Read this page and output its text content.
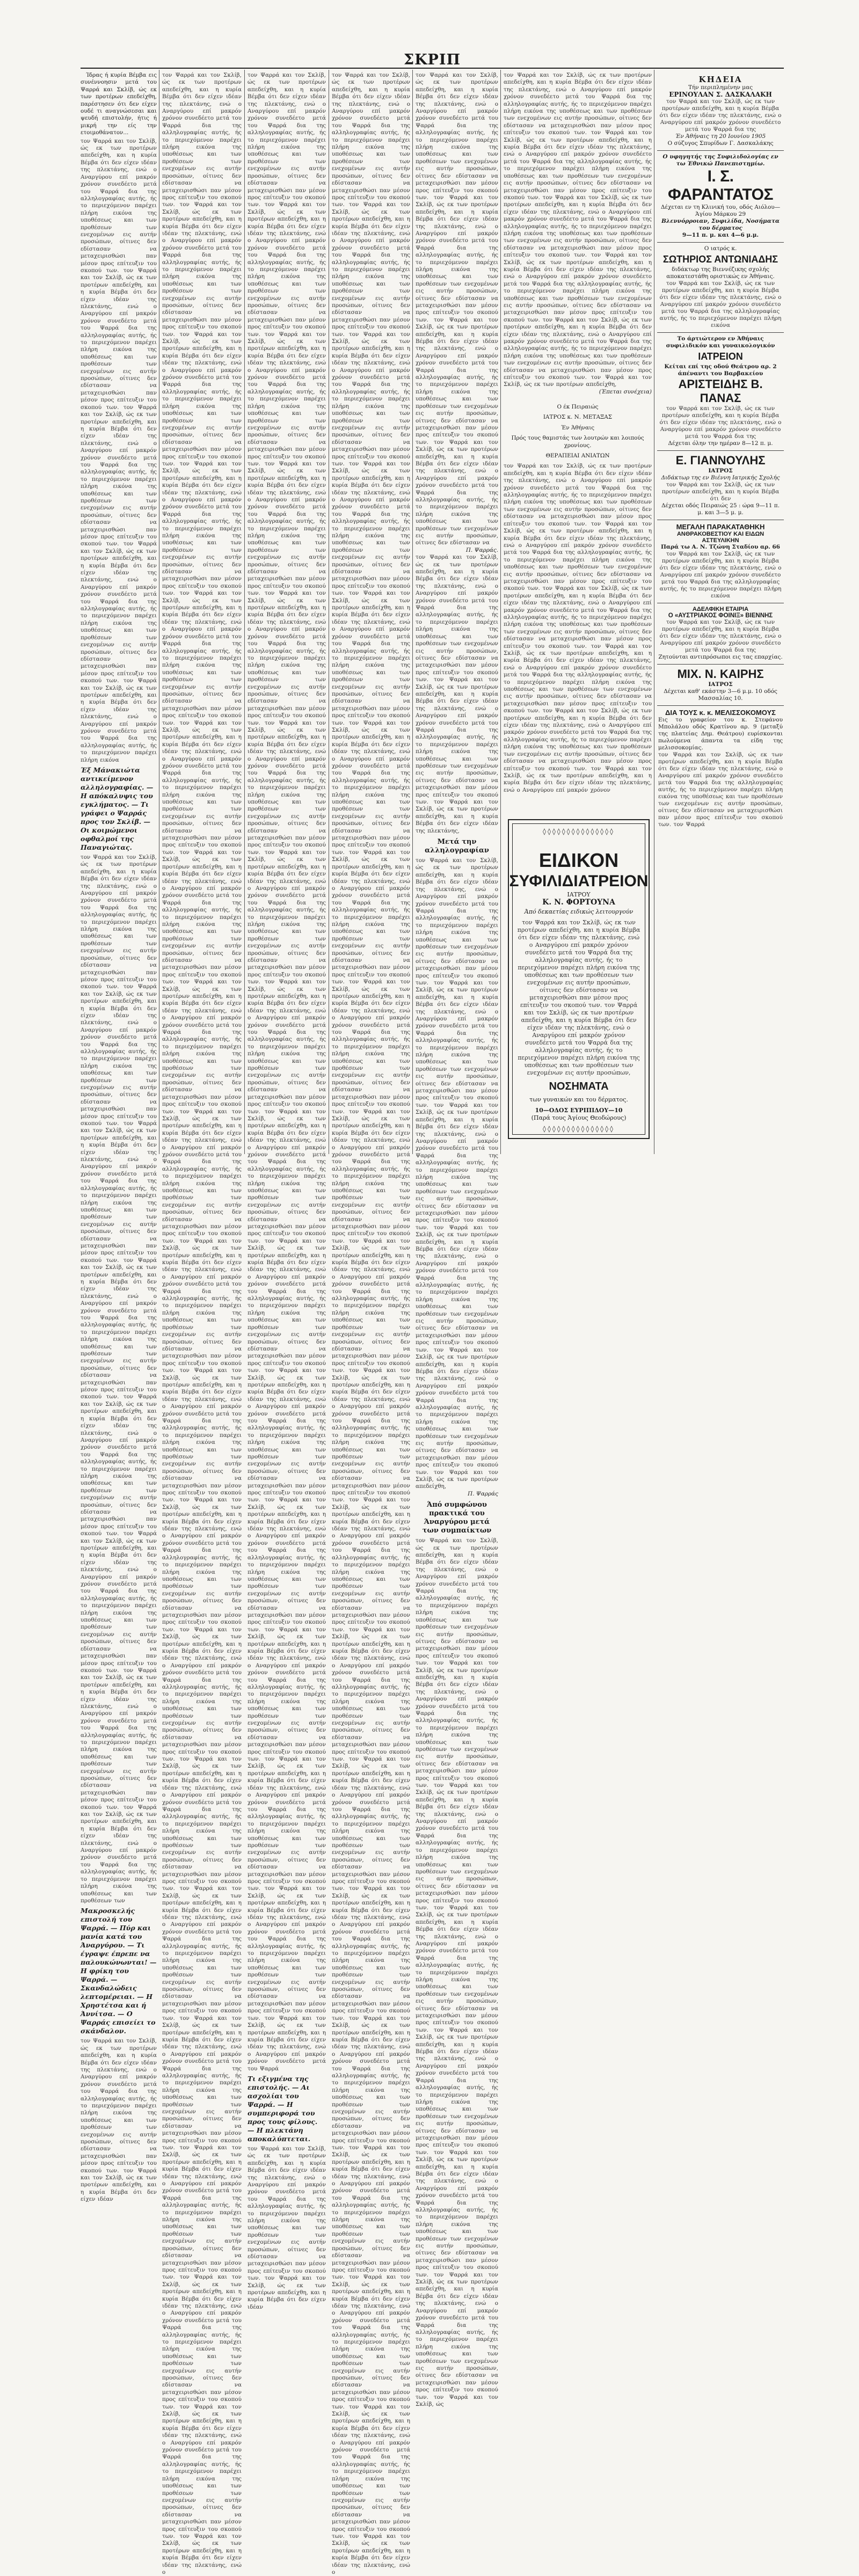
ΣΚΡΙΠ

Ίδρας ή κυρία Βέμβα εις συνέννοησιν μετά του Ψαρρά και Σκλίβ, ώς εκ των προτέρων επεδείχθη, παρέστησεν ότι δεν είχεν ουδέ τι αναγνώσεσαι και ψευδή επιστολήν, ήτις ή μικρή την είς την ετοιμοθάνατον...

τον Ψαρρά και τον Σκλίβ, ώς εκ των προτέρων απεδείχθη, και η κυρία Βέμβα ότι δεν είχεν ιδέαν της πλεκτάνης, ενώ ο Αναργύρου επί μακρόν χρόνον συνεδέετο μετά του Ψαρρά δια της αλληλογραφίας αυτής, ής το περιεχόμενον παρέχει πλήρη εικόνα της υποθέσεως και των προθέσεων των ενεχομένων εις αυτήν προσώπων, οίτινες δεν εδίστασαν να μεταχειρισθώσι παν μέσον προς επίτευξιν του σκοπού των. τον Ψαρρά και τον Σκλίβ, ώς εκ των προτέρων απεδείχθη, και η κυρία Βέμβα ότι δεν είχεν ιδέαν της πλεκτάνης, ενώ ο Αναργύρου επί μακρόν χρόνον συνεδέετο μετά του Ψαρρά δια της αλληλογραφίας αυτής, ής το περιεχόμενον παρέχει πλήρη εικόνα της υποθέσεως και των προθέσεων των ενεχομένων εις αυτήν προσώπων, οίτινες δεν εδίστασαν να μεταχειρισθώσι παν μέσον προς επίτευξιν του σκοπού των. τον Ψαρρά και τον Σκλίβ, ώς εκ των προτέρων απεδείχθη, και η κυρία Βέμβα ότι δεν είχεν ιδέαν της πλεκτάνης, ενώ ο Αναργύρου επί μακρόν χρόνον συνεδέετο μετά του Ψαρρά δια της αλληλογραφίας αυτής, ής το περιεχόμενον παρέχει πλήρη εικόνα της υποθέσεως και των προθέσεων των ενεχομένων εις αυτήν προσώπων, οίτινες δεν εδίστασαν να μεταχειρισθώσι παν μέσον προς επίτευξιν του σκοπού των. τον Ψαρρά και τον Σκλίβ, ώς εκ των προτέρων απεδείχθη, και η κυρία Βέμβα ότι δεν είχεν ιδέαν της πλεκτάνης, ενώ ο Αναργύρου επί μακρόν χρόνον συνεδέετο μετά του Ψαρρά δια της αλληλογραφίας αυτής, ής το περιεχόμενον παρέχει πλήρη εικόνα της υποθέσεως και των προθέσεων των ενεχομένων εις αυτήν προσώπων, οίτινες δεν εδίστασαν να μεταχειρισθώσι παν μέσον προς επίτευξιν του σκοπού των. τον Ψαρρά και τον Σκλίβ, ώς εκ των προτέρων απεδείχθη, και η κυρία Βέμβα ότι δεν είχεν ιδέαν της πλεκτάνης, ενώ ο Αναργύρου επί μακρόν χρόνον συνεδέετο μετά του Ψαρρά δια της αλληλογραφίας αυτής, ής το περιεχόμενον παρέχει πλήρη εικόνα
Έξ Μάνακιώτα αντικείμενον αλληλογραφίας. — Η απόκαλυψις του εγκλήματος. — Τι γράφει ο Ψαρράς προς τον Σκλίβ. — Οι κοιμώμενοι οφθαλμοί της Παναγιώτας.
τον Ψαρρά και τον Σκλίβ, ώς εκ των προτέρων απεδείχθη, και η κυρία Βέμβα ότι δεν είχεν ιδέαν της πλεκτάνης, ενώ ο Αναργύρου επί μακρόν χρόνον συνεδέετο μετά του Ψαρρά δια της αλληλογραφίας αυτής, ής το περιεχόμενον παρέχει πλήρη εικόνα της υποθέσεως και των προθέσεων των ενεχομένων εις αυτήν προσώπων, οίτινες δεν εδίστασαν να μεταχειρισθώσι παν μέσον προς επίτευξιν του σκοπού των. τον Ψαρρά και τον Σκλίβ, ώς εκ των προτέρων απεδείχθη, και η κυρία Βέμβα ότι δεν είχεν ιδέαν της πλεκτάνης, ενώ ο Αναργύρου επί μακρόν χρόνον συνεδέετο μετά του Ψαρρά δια της αλληλογραφίας αυτής, ής το περιεχόμενον παρέχει πλήρη εικόνα της υποθέσεως και των προθέσεων των ενεχομένων εις αυτήν προσώπων, οίτινες δεν εδίστασαν να μεταχειρισθώσι παν μέσον προς επίτευξιν του σκοπού των. τον Ψαρρά και τον Σκλίβ, ώς εκ των προτέρων απεδείχθη, και η κυρία Βέμβα ότι δεν είχεν ιδέαν της πλεκτάνης, ενώ ο Αναργύρου επί μακρόν χρόνον συνεδέετο μετά του Ψαρρά δια της αλληλογραφίας αυτής, ής το περιεχόμενον παρέχει πλήρη εικόνα της υποθέσεως και των προθέσεων των ενεχομένων εις αυτήν προσώπων, οίτινες δεν εδίστασαν να μεταχειρισθώσι παν μέσον προς επίτευξιν του σκοπού των. τον Ψαρρά και τον Σκλίβ, ώς εκ των προτέρων απεδείχθη, και η κυρία Βέμβα ότι δεν είχεν ιδέαν της πλεκτάνης, ενώ ο Αναργύρου επί μακρόν χρόνον συνεδέετο μετά του Ψαρρά δια της αλληλογραφίας αυτής, ής το περιεχόμενον παρέχει πλήρη εικόνα της υποθέσεως και των προθέσεων των ενεχομένων εις αυτήν προσώπων, οίτινες δεν εδίστασαν να μεταχειρισθώσι παν μέσον προς επίτευξιν του σκοπού των. τον Ψαρρά και τον Σκλίβ, ώς εκ των προτέρων απεδείχθη, και η κυρία Βέμβα ότι δεν είχεν ιδέαν της πλεκτάνης, ενώ ο Αναργύρου επί μακρόν χρόνον συνεδέετο μετά του Ψαρρά δια της αλληλογραφίας αυτής, ής το περιεχόμενον παρέχει πλήρη εικόνα της υποθέσεως και των προθέσεων των ενεχομένων εις αυτήν προσώπων, οίτινες δεν εδίστασαν να μεταχειρισθώσι παν μέσον προς επίτευξιν του σκοπού των. τον Ψαρρά και τον Σκλίβ, ώς εκ των προτέρων απεδείχθη, και η κυρία Βέμβα ότι δεν είχεν ιδέαν της πλεκτάνης, ενώ ο Αναργύρου επί μακρόν χρόνον συνεδέετο μετά του Ψαρρά δια της αλληλογραφίας αυτής, ής το περιεχόμενον παρέχει πλήρη εικόνα της υποθέσεως και των προθέσεων των ενεχομένων εις αυτήν προσώπων, οίτινες δεν εδίστασαν να μεταχειρισθώσι παν μέσον προς επίτευξιν του σκοπού των. τον Ψαρρά και τον Σκλίβ, ώς εκ των προτέρων απεδείχθη, και η κυρία Βέμβα ότι δεν είχεν ιδέαν της πλεκτάνης, ενώ ο Αναργύρου επί μακρόν χρόνον συνεδέετο μετά του Ψαρρά δια της αλληλογραφίας αυτής, ής το περιεχόμενον παρέχει πλήρη εικόνα της υποθέσεως και των προθέσεων των ενεχομένων εις αυτήν προσώπων, οίτινες δεν εδίστασαν να μεταχειρισθώσι παν μέσον προς επίτευξιν του σκοπού των. τον Ψαρρά και τον Σκλίβ, ώς εκ των προτέρων απεδείχθη, και η κυρία Βέμβα ότι δεν είχεν ιδέαν της πλεκτάνης, ενώ ο Αναργύρου επί μακρόν χρόνον συνεδέετο μετά του Ψαρρά δια της αλληλογραφίας αυτής, ής το περιεχόμενον παρέχει πλήρη εικόνα της υποθέσεως και των προθέσεων των
Μακροσκελής επιστολή του Ψαρρά. — Πύρ και μανία κατά του Άναργύρου. — Τι έγραψε έπρεπε να παλουκώνωνται! — Η φρίκη του Ψαρρά. — Σκανδαλώδεις λεπτομέρειαι. — Η Χρηστέτσα και ή Άννίτσα. — Ο Ψαρράς επισείει το σκάνδαλον.
τον Ψαρρά και τον Σκλίβ, ώς εκ των προτέρων απεδείχθη, και η κυρία Βέμβα ότι δεν είχεν ιδέαν της πλεκτάνης, ενώ ο Αναργύρου επί μακρόν χρόνον συνεδέετο μετά του Ψαρρά δια της αλληλογραφίας αυτής, ής το περιεχόμενον παρέχει πλήρη εικόνα της υποθέσεως και των προθέσεων των ενεχομένων εις αυτήν προσώπων, οίτινες δεν εδίστασαν να μεταχειρισθώσι παν μέσον προς επίτευξιν του σκοπού των. τον Ψαρρά και τον Σκλίβ, ώς εκ των προτέρων απεδείχθη, και η κυρία Βέμβα ότι δεν είχεν ιδέαν
τον Ψαρρά και τον Σκλίβ, ώς εκ των προτέρων απεδείχθη, και η κυρία Βέμβα ότι δεν είχεν ιδέαν της πλεκτάνης, ενώ ο Αναργύρου επί μακρόν χρόνον συνεδέετο μετά του Ψαρρά δια της αλληλογραφίας αυτής, ής το περιεχόμενον παρέχει πλήρη εικόνα της υποθέσεως και των προθέσεων των ενεχομένων εις αυτήν προσώπων, οίτινες δεν εδίστασαν να μεταχειρισθώσι παν μέσον προς επίτευξιν του σκοπού των. τον Ψαρρά και τον Σκλίβ, ώς εκ των προτέρων απεδείχθη, και η κυρία Βέμβα ότι δεν είχεν ιδέαν της πλεκτάνης, ενώ ο Αναργύρου επί μακρόν χρόνον συνεδέετο μετά του Ψαρρά δια της αλληλογραφίας αυτής, ής το περιεχόμενον παρέχει πλήρη εικόνα της υποθέσεως και των προθέσεων των ενεχομένων εις αυτήν προσώπων, οίτινες δεν εδίστασαν να μεταχειρισθώσι παν μέσον προς επίτευξιν του σκοπού των. τον Ψαρρά και τον Σκλίβ, ώς εκ των προτέρων απεδείχθη, και η κυρία Βέμβα ότι δεν είχεν ιδέαν της πλεκτάνης, ενώ ο Αναργύρου επί μακρόν χρόνον συνεδέετο μετά του Ψαρρά δια της αλληλογραφίας αυτής, ής το περιεχόμενον παρέχει πλήρη εικόνα της υποθέσεως και των προθέσεων των ενεχομένων εις αυτήν προσώπων, οίτινες δεν εδίστασαν να μεταχειρισθώσι παν μέσον προς επίτευξιν του σκοπού των. τον Ψαρρά και τον Σκλίβ, ώς εκ των προτέρων απεδείχθη, και η κυρία Βέμβα ότι δεν είχεν ιδέαν της πλεκτάνης, ενώ ο Αναργύρου επί μακρόν χρόνον συνεδέετο μετά του Ψαρρά δια της αλληλογραφίας αυτής, ής το περιεχόμενον παρέχει πλήρη εικόνα της υποθέσεως και των προθέσεων των ενεχομένων εις αυτήν προσώπων, οίτινες δεν εδίστασαν να μεταχειρισθώσι παν μέσον προς επίτευξιν του σκοπού των. τον Ψαρρά και τον Σκλίβ, ώς εκ των προτέρων απεδείχθη, και η κυρία Βέμβα ότι δεν είχεν ιδέαν της πλεκτάνης, ενώ ο Αναργύρου επί μακρόν χρόνον συνεδέετο μετά του Ψαρρά δια της αλληλογραφίας αυτής, ής το περιεχόμενον παρέχει πλήρη εικόνα της υποθέσεως και των προθέσεων των ενεχομένων εις αυτήν προσώπων, οίτινες δεν εδίστασαν να μεταχειρισθώσι παν μέσον προς επίτευξιν του σκοπού των. τον Ψαρρά και τον Σκλίβ, ώς εκ των προτέρων απεδείχθη, και η κυρία Βέμβα ότι δεν είχεν ιδέαν της πλεκτάνης, ενώ ο Αναργύρου επί μακρόν χρόνον συνεδέετο μετά του Ψαρρά δια της αλληλογραφίας αυτής, ής το περιεχόμενον παρέχει πλήρη εικόνα της υποθέσεως και των προθέσεων των ενεχομένων εις αυτήν προσώπων, οίτινες δεν εδίστασαν να μεταχειρισθώσι παν μέσον προς επίτευξιν του σκοπού των. τον Ψαρρά και τον Σκλίβ, ώς εκ των προτέρων απεδείχθη, και η κυρία Βέμβα ότι δεν είχεν ιδέαν της πλεκτάνης, ενώ ο Αναργύρου επί μακρόν χρόνον συνεδέετο μετά του Ψαρρά δια της αλληλογραφίας αυτής, ής το περιεχόμενον παρέχει πλήρη εικόνα της υποθέσεως και των προθέσεων των ενεχομένων εις αυτήν προσώπων, οίτινες δεν εδίστασαν να μεταχειρισθώσι παν μέσον προς επίτευξιν του σκοπού των. τον Ψαρρά και τον Σκλίβ, ώς εκ των προτέρων απεδείχθη, και η κυρία Βέμβα ότι δεν είχεν ιδέαν της πλεκτάνης, ενώ ο Αναργύρου επί μακρόν χρόνον συνεδέετο μετά του Ψαρρά δια της αλληλογραφίας αυτής, ής το περιεχόμενον παρέχει πλήρη εικόνα της υποθέσεως και των προθέσεων των ενεχομένων εις αυτήν προσώπων, οίτινες δεν εδίστασαν να μεταχειρισθώσι παν μέσον προς επίτευξιν του σκοπού των. τον Ψαρρά και τον Σκλίβ, ώς εκ των προτέρων απεδείχθη, και η κυρία Βέμβα ότι δεν είχεν ιδέαν της πλεκτάνης, ενώ ο Αναργύρου επί μακρόν χρόνον συνεδέετο μετά του Ψαρρά δια της αλληλογραφίας αυτής, ής το περιεχόμενον παρέχει πλήρη εικόνα της υποθέσεως και των προθέσεων των ενεχομένων εις αυτήν προσώπων, οίτινες δεν εδίστασαν να μεταχειρισθώσι παν μέσον προς επίτευξιν του σκοπού των. τον Ψαρρά και τον Σκλίβ, ώς εκ των προτέρων απεδείχθη, και η κυρία Βέμβα ότι δεν είχεν ιδέαν της πλεκτάνης, ενώ ο Αναργύρου επί μακρόν χρόνον συνεδέετο μετά του Ψαρρά δια της αλληλογραφίας αυτής, ής το περιεχόμενον παρέχει πλήρη εικόνα της υποθέσεως και των προθέσεων των ενεχομένων εις αυτήν προσώπων, οίτινες δεν εδίστασαν να μεταχειρισθώσι παν μέσον προς επίτευξιν του σκοπού των. τον Ψαρρά και τον Σκλίβ, ώς εκ των προτέρων απεδείχθη, και η κυρία Βέμβα ότι δεν είχεν ιδέαν της πλεκτάνης, ενώ ο Αναργύρου επί μακρόν χρόνον συνεδέετο μετά του Ψαρρά δια της αλληλογραφίας αυτής, ής το περιεχόμενον παρέχει πλήρη εικόνα της υποθέσεως και των προθέσεων των ενεχομένων εις αυτήν προσώπων, οίτινες δεν εδίστασαν να μεταχειρισθώσι παν μέσον προς επίτευξιν του σκοπού των. τον Ψαρρά και τον Σκλίβ, ώς εκ των προτέρων απεδείχθη, και η κυρία Βέμβα ότι δεν είχεν ιδέαν της πλεκτάνης, ενώ ο Αναργύρου επί μακρόν χρόνον συνεδέετο μετά του Ψαρρά δια της αλληλογραφίας αυτής, ής το περιεχόμενον παρέχει πλήρη εικόνα της υποθέσεως και των προθέσεων των ενεχομένων εις αυτήν προσώπων, οίτινες δεν εδίστασαν να μεταχειρισθώσι παν μέσον προς επίτευξιν του σκοπού των. τον Ψαρρά και τον Σκλίβ, ώς εκ των προτέρων απεδείχθη, και η κυρία Βέμβα ότι δεν είχεν ιδέαν της πλεκτάνης, ενώ ο Αναργύρου επί μακρόν χρόνον συνεδέετο μετά του Ψαρρά δια της αλληλογραφίας αυτής, ής το περιεχόμενον παρέχει πλήρη εικόνα της υποθέσεως και των προθέσεων των ενεχομένων εις αυτήν προσώπων, οίτινες δεν εδίστασαν να μεταχειρισθώσι παν μέσον προς επίτευξιν του σκοπού των. τον Ψαρρά και τον Σκλίβ, ώς εκ των προτέρων απεδείχθη, και η κυρία Βέμβα ότι δεν είχεν ιδέαν της πλεκτάνης, ενώ ο Αναργύρου επί μακρόν χρόνον συνεδέετο μετά του Ψαρρά δια της αλληλογραφίας αυτής, ής το περιεχόμενον παρέχει πλήρη εικόνα της υποθέσεως και των προθέσεων των ενεχομένων εις αυτήν προσώπων, οίτινες δεν εδίστασαν να μεταχειρισθώσι παν μέσον προς επίτευξιν του σκοπού των. τον Ψαρρά και τον Σκλίβ, ώς εκ των προτέρων απεδείχθη, και η κυρία Βέμβα ότι δεν είχεν ιδέαν της πλεκτάνης, ενώ ο Αναργύρου επί μακρόν χρόνον συνεδέετο μετά του Ψαρρά δια της αλληλογραφίας αυτής, ής το περιεχόμενον παρέχει πλήρη εικόνα της υποθέσεως και των προθέσεων των ενεχομένων εις αυτήν προσώπων, οίτινες δεν εδίστασαν να μεταχειρισθώσι παν μέσον προς επίτευξιν του σκοπού των. τον Ψαρρά και τον Σκλίβ, ώς εκ των προτέρων απεδείχθη, και η κυρία Βέμβα ότι δεν είχεν ιδέαν της πλεκτάνης, ενώ ο Αναργύρου επί μακρόν χρόνον συνεδέετο μετά του Ψαρρά δια της αλληλογραφίας αυτής, ής το περιεχόμενον παρέχει πλήρη εικόνα της υποθέσεως και των προθέσεων των ενεχομένων εις αυτήν προσώπων, οίτινες δεν εδίστασαν να μεταχειρισθώσι παν μέσον προς επίτευξιν του σκοπού των. τον Ψαρρά και τον Σκλίβ, ώς εκ των προτέρων απεδείχθη, και η κυρία Βέμβα ότι δεν είχεν ιδέαν της πλεκτάνης, ενώ ο Αναργύρου επί μακρόν χρόνον συνεδέετο μετά του Ψαρρά δια της αλληλογραφίας αυτής, ής το περιεχόμενον παρέχει πλήρη εικόνα της υποθέσεως και των προθέσεων των ενεχομένων εις αυτήν προσώπων, οίτινες δεν εδίστασαν να μεταχειρισθώσι παν μέσον προς επίτευξιν του σκοπού των. τον Ψαρρά και τον Σκλίβ, ώς εκ των προτέρων απεδείχθη, και η κυρία Βέμβα ότι δεν είχεν ιδέαν της πλεκτάνης, ενώ ο Αναργύρου επί μακρόν χρόνον συνεδέετο μετά του Ψαρρά δια της αλληλογραφίας αυτής, ής το περιεχόμενον παρέχει πλήρη εικόνα της υποθέσεως και των προθέσεων των ενεχομένων εις αυτήν προσώπων, οίτινες δεν εδίστασαν να μεταχειρισθώσι παν μέσον προς επίτευξιν του σκοπού των. τον Ψαρρά και τον Σκλίβ, ώς εκ των προτέρων απεδείχθη, και η κυρία Βέμβα ότι δεν είχεν ιδέαν της πλεκτάνης, ενώ ο Αναργύρου επί μακρόν χρόνον συνεδέετο μετά του Ψαρρά δια της αλληλογραφίας αυτής, ής το περιεχόμενον παρέχει πλήρη εικόνα της υποθέσεως και των προθέσεων των ενεχομένων εις αυτήν προσώπων, οίτινες δεν εδίστασαν να μεταχειρισθώσι παν μέσον προς επίτευξιν του σκοπού των. τον Ψαρρά και τον Σκλίβ, ώς εκ των προτέρων απεδείχθη, και η κυρία Βέμβα ότι δεν είχεν ιδέαν της πλεκτάνης, ενώ ο
τον Ψαρρά και τον Σκλίβ, ώς εκ των προτέρων απεδείχθη, και η κυρία Βέμβα ότι δεν είχεν ιδέαν της πλεκτάνης, ενώ ο Αναργύρου επί μακρόν χρόνον συνεδέετο μετά του Ψαρρά δια της αλληλογραφίας αυτής, ής το περιεχόμενον παρέχει πλήρη εικόνα της υποθέσεως και των προθέσεων των ενεχομένων εις αυτήν προσώπων, οίτινες δεν εδίστασαν να μεταχειρισθώσι παν μέσον προς επίτευξιν του σκοπού των. τον Ψαρρά και τον Σκλίβ, ώς εκ των προτέρων απεδείχθη, και η κυρία Βέμβα ότι δεν είχεν ιδέαν της πλεκτάνης, ενώ ο Αναργύρου επί μακρόν χρόνον συνεδέετο μετά του Ψαρρά δια της αλληλογραφίας αυτής, ής το περιεχόμενον παρέχει πλήρη εικόνα της υποθέσεως και των προθέσεων των ενεχομένων εις αυτήν προσώπων, οίτινες δεν εδίστασαν να μεταχειρισθώσι παν μέσον προς επίτευξιν του σκοπού των. τον Ψαρρά και τον Σκλίβ, ώς εκ των προτέρων απεδείχθη, και η κυρία Βέμβα ότι δεν είχεν ιδέαν της πλεκτάνης, ενώ ο Αναργύρου επί μακρόν χρόνον συνεδέετο μετά του Ψαρρά δια της αλληλογραφίας αυτής, ής το περιεχόμενον παρέχει πλήρη εικόνα της υποθέσεως και των προθέσεων των ενεχομένων εις αυτήν προσώπων, οίτινες δεν εδίστασαν να μεταχειρισθώσι παν μέσον προς επίτευξιν του σκοπού των. τον Ψαρρά και τον Σκλίβ, ώς εκ των προτέρων απεδείχθη, και η κυρία Βέμβα ότι δεν είχεν ιδέαν της πλεκτάνης, ενώ ο Αναργύρου επί μακρόν χρόνον συνεδέετο μετά του Ψαρρά δια της αλληλογραφίας αυτής, ής το περιεχόμενον παρέχει πλήρη εικόνα της υποθέσεως και των προθέσεων των ενεχομένων εις αυτήν προσώπων, οίτινες δεν εδίστασαν να μεταχειρισθώσι παν μέσον προς επίτευξιν του σκοπού των. τον Ψαρρά και τον Σκλίβ, ώς εκ των προτέρων απεδείχθη, και η κυρία Βέμβα ότι δεν είχεν ιδέαν της πλεκτάνης, ενώ ο Αναργύρου επί μακρόν χρόνον συνεδέετο μετά του Ψαρρά δια της αλληλογραφίας αυτής, ής το περιεχόμενον παρέχει πλήρη εικόνα της υποθέσεως και των προθέσεων των ενεχομένων εις αυτήν προσώπων, οίτινες δεν εδίστασαν να μεταχειρισθώσι παν μέσον προς επίτευξιν του σκοπού των. τον Ψαρρά και τον Σκλίβ, ώς εκ των προτέρων απεδείχθη, και η κυρία Βέμβα ότι δεν είχεν ιδέαν της πλεκτάνης, ενώ ο Αναργύρου επί μακρόν χρόνον συνεδέετο μετά του Ψαρρά δια της αλληλογραφίας αυτής, ής το περιεχόμενον παρέχει πλήρη εικόνα της υποθέσεως και των προθέσεων των ενεχομένων εις αυτήν προσώπων, οίτινες δεν εδίστασαν να μεταχειρισθώσι παν μέσον προς επίτευξιν του σκοπού των. τον Ψαρρά και τον Σκλίβ, ώς εκ των προτέρων απεδείχθη, και η κυρία Βέμβα ότι δεν είχεν ιδέαν της πλεκτάνης, ενώ ο Αναργύρου επί μακρόν χρόνον συνεδέετο μετά του Ψαρρά δια της αλληλογραφίας αυτής, ής το περιεχόμενον παρέχει πλήρη εικόνα της υποθέσεως και των προθέσεων των ενεχομένων εις αυτήν προσώπων, οίτινες δεν εδίστασαν να μεταχειρισθώσι παν μέσον προς επίτευξιν του σκοπού των. τον Ψαρρά και τον Σκλίβ, ώς εκ των προτέρων απεδείχθη, και η κυρία Βέμβα ότι δεν είχεν ιδέαν της πλεκτάνης, ενώ ο Αναργύρου επί μακρόν χρόνον συνεδέετο μετά του Ψαρρά δια της αλληλογραφίας αυτής, ής το περιεχόμενον παρέχει πλήρη εικόνα της υποθέσεως και των προθέσεων των ενεχομένων εις αυτήν προσώπων, οίτινες δεν εδίστασαν να μεταχειρισθώσι παν μέσον προς επίτευξιν του σκοπού των. τον Ψαρρά και τον Σκλίβ, ώς εκ των προτέρων απεδείχθη, και η κυρία Βέμβα ότι δεν είχεν ιδέαν της πλεκτάνης, ενώ ο Αναργύρου επί μακρόν χρόνον συνεδέετο μετά του Ψαρρά δια της αλληλογραφίας αυτής, ής το περιεχόμενον παρέχει πλήρη εικόνα της υποθέσεως και των προθέσεων των ενεχομένων εις αυτήν προσώπων, οίτινες δεν εδίστασαν να μεταχειρισθώσι παν μέσον προς επίτευξιν του σκοπού των. τον Ψαρρά και τον Σκλίβ, ώς εκ των προτέρων απεδείχθη, και η κυρία Βέμβα ότι δεν είχεν ιδέαν της πλεκτάνης, ενώ ο Αναργύρου επί μακρόν χρόνον συνεδέετο μετά του Ψαρρά δια της αλληλογραφίας αυτής, ής το περιεχόμενον παρέχει πλήρη εικόνα της υποθέσεως και των προθέσεων των ενεχομένων εις αυτήν προσώπων, οίτινες δεν εδίστασαν να μεταχειρισθώσι παν μέσον προς επίτευξιν του σκοπού των. τον Ψαρρά και τον Σκλίβ, ώς εκ των προτέρων απεδείχθη, και η κυρία Βέμβα ότι δεν είχεν ιδέαν της πλεκτάνης, ενώ ο Αναργύρου επί μακρόν χρόνον συνεδέετο μετά του Ψαρρά δια της αλληλογραφίας αυτής, ής το περιεχόμενον παρέχει πλήρη εικόνα της υποθέσεως και των προθέσεων των ενεχομένων εις αυτήν προσώπων, οίτινες δεν εδίστασαν να μεταχειρισθώσι παν μέσον προς επίτευξιν του σκοπού των. τον Ψαρρά και τον Σκλίβ, ώς εκ των προτέρων απεδείχθη, και η κυρία Βέμβα ότι δεν είχεν ιδέαν της πλεκτάνης, ενώ ο Αναργύρου επί μακρόν χρόνον συνεδέετο μετά του Ψαρρά δια της αλληλογραφίας αυτής, ής το περιεχόμενον παρέχει πλήρη εικόνα της υποθέσεως και των προθέσεων των ενεχομένων εις αυτήν προσώπων, οίτινες δεν εδίστασαν να μεταχειρισθώσι παν μέσον προς επίτευξιν του σκοπού των. τον Ψαρρά και τον Σκλίβ, ώς εκ των προτέρων απεδείχθη, και η κυρία Βέμβα ότι δεν είχεν ιδέαν της πλεκτάνης, ενώ ο Αναργύρου επί μακρόν χρόνον συνεδέετο μετά του Ψαρρά δια της αλληλογραφίας αυτής, ής το περιεχόμενον παρέχει πλήρη εικόνα της υποθέσεως και των προθέσεων των ενεχομένων εις αυτήν προσώπων, οίτινες δεν εδίστασαν να μεταχειρισθώσι παν μέσον προς επίτευξιν του σκοπού των. τον Ψαρρά και τον Σκλίβ, ώς εκ των προτέρων απεδείχθη, και η κυρία Βέμβα ότι δεν είχεν ιδέαν της πλεκτάνης, ενώ ο Αναργύρου επί μακρόν χρόνον συνεδέετο μετά του Ψαρρά δια της αλληλογραφίας αυτής, ής το περιεχόμενον παρέχει πλήρη εικόνα της υποθέσεως και των προθέσεων των ενεχομένων εις αυτήν προσώπων, οίτινες δεν εδίστασαν να μεταχειρισθώσι παν μέσον προς επίτευξιν του σκοπού των. τον Ψαρρά και τον Σκλίβ, ώς εκ των προτέρων απεδείχθη, και η κυρία Βέμβα ότι δεν είχεν ιδέαν της πλεκτάνης, ενώ ο Αναργύρου επί μακρόν χρόνον συνεδέετο μετά του Ψαρρά δια της αλληλογραφίας αυτής, ής το περιεχόμενον παρέχει πλήρη εικόνα της υποθέσεως και των προθέσεων των ενεχομένων εις αυτήν προσώπων, οίτινες δεν εδίστασαν να μεταχειρισθώσι παν μέσον προς επίτευξιν του σκοπού των. τον Ψαρρά και τον Σκλίβ, ώς εκ των προτέρων απεδείχθη, και η κυρία Βέμβα ότι δεν είχεν ιδέαν της πλεκτάνης, ενώ ο Αναργύρου επί μακρόν χρόνον συνεδέετο μετά του Ψαρρά
Τι εξιγμένα της επιστολής. — Αι ασχολίαι του Ψαρρά. — Η συμπεριφορά του προς τους φίλους. — Η πλεκτάνη αποκαλύπτεται.
τον Ψαρρά και τον Σκλίβ, ώς εκ των προτέρων απεδείχθη, και η κυρία Βέμβα ότι δεν είχεν ιδέαν της πλεκτάνης, ενώ ο Αναργύρου επί μακρόν χρόνον συνεδέετο μετά του Ψαρρά δια της αλληλογραφίας αυτής, ής το περιεχόμενον παρέχει πλήρη εικόνα της υποθέσεως και των προθέσεων των ενεχομένων εις αυτήν προσώπων, οίτινες δεν εδίστασαν να μεταχειρισθώσι παν μέσον προς επίτευξιν του σκοπού των. τον Ψαρρά και τον Σκλίβ, ώς εκ των προτέρων απεδείχθη, και η κυρία Βέμβα ότι δεν είχεν ιδέαν
τον Ψαρρά και τον Σκλίβ, ώς εκ των προτέρων απεδείχθη, και η κυρία Βέμβα ότι δεν είχεν ιδέαν της πλεκτάνης, ενώ ο Αναργύρου επί μακρόν χρόνον συνεδέετο μετά του Ψαρρά δια της αλληλογραφίας αυτής, ής το περιεχόμενον παρέχει πλήρη εικόνα της υποθέσεως και των προθέσεων των ενεχομένων εις αυτήν προσώπων, οίτινες δεν εδίστασαν να μεταχειρισθώσι παν μέσον προς επίτευξιν του σκοπού των. τον Ψαρρά και τον Σκλίβ, ώς εκ των προτέρων απεδείχθη, και η κυρία Βέμβα ότι δεν είχεν ιδέαν της πλεκτάνης, ενώ ο Αναργύρου επί μακρόν χρόνον συνεδέετο μετά του Ψαρρά δια της αλληλογραφίας αυτής, ής το περιεχόμενον παρέχει πλήρη εικόνα της υποθέσεως και των προθέσεων των ενεχομένων εις αυτήν προσώπων, οίτινες δεν εδίστασαν να μεταχειρισθώσι παν μέσον προς επίτευξιν του σκοπού των. τον Ψαρρά και τον Σκλίβ, ώς εκ των προτέρων απεδείχθη, και η κυρία Βέμβα ότι δεν είχεν ιδέαν της πλεκτάνης, ενώ ο Αναργύρου επί μακρόν χρόνον συνεδέετο μετά του Ψαρρά δια της αλληλογραφίας αυτής, ής το περιεχόμενον παρέχει πλήρη εικόνα της υποθέσεως και των προθέσεων των ενεχομένων εις αυτήν προσώπων, οίτινες δεν εδίστασαν να μεταχειρισθώσι παν μέσον προς επίτευξιν του σκοπού των. τον Ψαρρά και τον Σκλίβ, ώς εκ των προτέρων απεδείχθη, και η κυρία Βέμβα ότι δεν είχεν ιδέαν της πλεκτάνης, ενώ ο Αναργύρου επί μακρόν χρόνον συνεδέετο μετά του Ψαρρά δια της αλληλογραφίας αυτής, ής το περιεχόμενον παρέχει πλήρη εικόνα της υποθέσεως και των προθέσεων των ενεχομένων εις αυτήν προσώπων, οίτινες δεν εδίστασαν να μεταχειρισθώσι παν μέσον προς επίτευξιν του σκοπού των. τον Ψαρρά και τον Σκλίβ, ώς εκ των προτέρων απεδείχθη, και η κυρία Βέμβα ότι δεν είχεν ιδέαν της πλεκτάνης, ενώ ο Αναργύρου επί μακρόν χρόνον συνεδέετο μετά του Ψαρρά δια της αλληλογραφίας αυτής, ής το περιεχόμενον παρέχει πλήρη εικόνα της υποθέσεως και των προθέσεων των ενεχομένων εις αυτήν προσώπων, οίτινες δεν εδίστασαν να μεταχειρισθώσι παν μέσον προς επίτευξιν του σκοπού των. τον Ψαρρά και τον Σκλίβ, ώς εκ των προτέρων απεδείχθη, και η κυρία Βέμβα ότι δεν είχεν ιδέαν της πλεκτάνης, ενώ ο Αναργύρου επί μακρόν χρόνον συνεδέετο μετά του Ψαρρά δια της αλληλογραφίας αυτής, ής το περιεχόμενον παρέχει πλήρη εικόνα της υποθέσεως και των προθέσεων των ενεχομένων εις αυτήν προσώπων, οίτινες δεν εδίστασαν να μεταχειρισθώσι παν μέσον προς επίτευξιν του σκοπού των. τον Ψαρρά και τον Σκλίβ, ώς εκ των προτέρων απεδείχθη, και η κυρία Βέμβα ότι δεν είχεν ιδέαν της πλεκτάνης, ενώ ο Αναργύρου επί μακρόν χρόνον συνεδέετο μετά του Ψαρρά δια της αλληλογραφίας αυτής, ής το περιεχόμενον παρέχει πλήρη εικόνα της υποθέσεως και των προθέσεων των ενεχομένων εις αυτήν προσώπων, οίτινες δεν εδίστασαν να μεταχειρισθώσι παν μέσον προς επίτευξιν του σκοπού των. τον Ψαρρά και τον Σκλίβ, ώς εκ των προτέρων απεδείχθη, και η κυρία Βέμβα ότι δεν είχεν ιδέαν της πλεκτάνης, ενώ ο Αναργύρου επί μακρόν χρόνον συνεδέετο μετά του Ψαρρά δια της αλληλογραφίας αυτής, ής το περιεχόμενον παρέχει πλήρη εικόνα της υποθέσεως και των προθέσεων των ενεχομένων εις αυτήν προσώπων, οίτινες δεν εδίστασαν να μεταχειρισθώσι παν μέσον προς επίτευξιν του σκοπού των. τον Ψαρρά και τον Σκλίβ, ώς εκ των προτέρων απεδείχθη, και η κυρία Βέμβα ότι δεν είχεν ιδέαν της πλεκτάνης, ενώ ο Αναργύρου επί μακρόν χρόνον συνεδέετο μετά του Ψαρρά δια της αλληλογραφίας αυτής, ής το περιεχόμενον παρέχει πλήρη εικόνα της υποθέσεως και των προθέσεων των ενεχομένων εις αυτήν προσώπων, οίτινες δεν εδίστασαν να μεταχειρισθώσι παν μέσον προς επίτευξιν του σκοπού των. τον Ψαρρά και τον Σκλίβ, ώς εκ των προτέρων απεδείχθη, και η κυρία Βέμβα ότι δεν είχεν ιδέαν της πλεκτάνης, ενώ ο Αναργύρου επί μακρόν χρόνον συνεδέετο μετά του Ψαρρά δια της αλληλογραφίας αυτής, ής το περιεχόμενον παρέχει πλήρη εικόνα της υποθέσεως και των προθέσεων των ενεχομένων εις αυτήν προσώπων, οίτινες δεν εδίστασαν να μεταχειρισθώσι παν μέσον προς επίτευξιν του σκοπού των. τον Ψαρρά και τον Σκλίβ, ώς εκ των προτέρων απεδείχθη, και η κυρία Βέμβα ότι δεν είχεν ιδέαν της πλεκτάνης, ενώ ο Αναργύρου επί μακρόν χρόνον συνεδέετο μετά του Ψαρρά δια της αλληλογραφίας αυτής, ής το περιεχόμενον παρέχει πλήρη εικόνα της υποθέσεως και των προθέσεων των ενεχομένων εις αυτήν προσώπων, οίτινες δεν εδίστασαν να μεταχειρισθώσι παν μέσον προς επίτευξιν του σκοπού των. τον Ψαρρά και τον Σκλίβ, ώς εκ των προτέρων απεδείχθη, και η κυρία Βέμβα ότι δεν είχεν ιδέαν της πλεκτάνης, ενώ ο Αναργύρου επί μακρόν χρόνον συνεδέετο μετά του Ψαρρά δια της αλληλογραφίας αυτής, ής το περιεχόμενον παρέχει πλήρη εικόνα της υποθέσεως και των προθέσεων των ενεχομένων εις αυτήν προσώπων, οίτινες δεν εδίστασαν να μεταχειρισθώσι παν μέσον προς επίτευξιν του σκοπού των. τον Ψαρρά και τον Σκλίβ, ώς εκ των προτέρων απεδείχθη, και η κυρία Βέμβα ότι δεν είχεν ιδέαν της πλεκτάνης, ενώ ο Αναργύρου επί μακρόν χρόνον συνεδέετο μετά του Ψαρρά δια της αλληλογραφίας αυτής, ής το περιεχόμενον παρέχει πλήρη εικόνα της υποθέσεως και των προθέσεων των ενεχομένων εις αυτήν προσώπων, οίτινες δεν εδίστασαν να μεταχειρισθώσι παν μέσον προς επίτευξιν του σκοπού των. τον Ψαρρά και τον Σκλίβ, ώς εκ των προτέρων απεδείχθη, και η κυρία Βέμβα ότι δεν είχεν ιδέαν της πλεκτάνης, ενώ ο Αναργύρου επί μακρόν χρόνον συνεδέετο μετά του Ψαρρά δια της αλληλογραφίας αυτής, ής το περιεχόμενον παρέχει πλήρη εικόνα της υποθέσεως και των προθέσεων των ενεχομένων εις αυτήν προσώπων, οίτινες δεν εδίστασαν να μεταχειρισθώσι παν μέσον προς επίτευξιν του σκοπού των. τον Ψαρρά και τον Σκλίβ, ώς εκ των προτέρων απεδείχθη, και η κυρία Βέμβα ότι δεν είχεν ιδέαν της πλεκτάνης, ενώ ο Αναργύρου επί μακρόν χρόνον συνεδέετο μετά του Ψαρρά δια της αλληλογραφίας αυτής, ής το περιεχόμενον παρέχει πλήρη εικόνα της υποθέσεως και των προθέσεων των ενεχομένων εις αυτήν προσώπων, οίτινες δεν εδίστασαν να μεταχειρισθώσι παν μέσον προς επίτευξιν του σκοπού των. τον Ψαρρά και τον Σκλίβ, ώς εκ των προτέρων απεδείχθη, και η κυρία Βέμβα ότι δεν είχεν ιδέαν της πλεκτάνης, ενώ ο Αναργύρου επί μακρόν χρόνον συνεδέετο μετά του Ψαρρά δια της αλληλογραφίας αυτής, ής το περιεχόμενον παρέχει πλήρη εικόνα της υποθέσεως και των προθέσεων των ενεχομένων εις αυτήν προσώπων, οίτινες δεν εδίστασαν να μεταχειρισθώσι παν μέσον προς επίτευξιν του σκοπού των. τον Ψαρρά και τον Σκλίβ, ώς εκ των προτέρων απεδείχθη, και η κυρία Βέμβα ότι δεν είχεν ιδέαν της πλεκτάνης, ενώ ο Αναργύρου επί μακρόν χρόνον συνεδέετο μετά του Ψαρρά δια της αλληλογραφίας αυτής, ής το περιεχόμενον παρέχει πλήρη εικόνα της υποθέσεως και των προθέσεων των ενεχομένων εις αυτήν προσώπων, οίτινες δεν εδίστασαν να μεταχειρισθώσι παν μέσον προς επίτευξιν του σκοπού των. τον Ψαρρά και τον Σκλίβ, ώς εκ των προτέρων απεδείχθη, και η κυρία Βέμβα ότι δεν είχεν ιδέαν της πλεκτάνης, ενώ ο Αναργύρου επί μακρόν χρόνον συνεδέετο μετά του Ψαρρά δια της αλληλογραφίας αυτής, ής το περιεχόμενον παρέχει πλήρη εικόνα της υποθέσεως και των προθέσεων των ενεχομένων εις αυτήν προσώπων, οίτινες δεν εδίστασαν να μεταχειρισθώσι παν μέσον προς επίτευξιν του σκοπού των. τον Ψαρρά και τον Σκλίβ, ώς εκ των προτέρων απεδείχθη, και η κυρία Βέμβα ότι δεν είχεν ιδέαν της πλεκτάνης, ενώ ο Αναργύρου επί μακρόν χρόνον συνεδέετο μετά του Ψαρρά δια της αλληλογραφίας αυτής, ής το περιεχόμενον παρέχει πλήρη εικόνα της υποθέσεως και των προθέσεων των ενεχομένων εις αυτήν προσώπων, οίτινες δεν εδίστασαν να μεταχειρισθώσι παν μέσον προς επίτευξιν του σκοπού των. τον Ψαρρά και τον Σκλίβ, ώς εκ των προτέρων απεδείχθη, και η κυρία Βέμβα ότι δεν είχεν ιδέαν της πλεκτάνης, ενώ ο
τον Ψαρρά και τον Σκλίβ, ώς εκ των προτέρων απεδείχθη, και η κυρία Βέμβα ότι δεν είχεν ιδέαν της πλεκτάνης, ενώ ο Αναργύρου επί μακρόν χρόνον συνεδέετο μετά του Ψαρρά δια της αλληλογραφίας αυτής, ής το περιεχόμενον παρέχει πλήρη εικόνα της υποθέσεως και των προθέσεων των ενεχομένων εις αυτήν προσώπων, οίτινες δεν εδίστασαν να μεταχειρισθώσι παν μέσον προς επίτευξιν του σκοπού των. τον Ψαρρά και τον Σκλίβ, ώς εκ των προτέρων απεδείχθη, και η κυρία Βέμβα ότι δεν είχεν ιδέαν της πλεκτάνης, ενώ ο Αναργύρου επί μακρόν χρόνον συνεδέετο μετά του Ψαρρά δια της αλληλογραφίας αυτής, ής το περιεχόμενον παρέχει πλήρη εικόνα της υποθέσεως και των προθέσεων των ενεχομένων εις αυτήν προσώπων, οίτινες δεν εδίστασαν να μεταχειρισθώσι παν μέσον προς επίτευξιν του σκοπού των. τον Ψαρρά και τον Σκλίβ, ώς εκ των προτέρων απεδείχθη, και η κυρία Βέμβα ότι δεν είχεν ιδέαν της πλεκτάνης, ενώ ο Αναργύρου επί μακρόν χρόνον συνεδέετο μετά του Ψαρρά δια της αλληλογραφίας αυτής, ής το περιεχόμενον παρέχει πλήρη εικόνα της υποθέσεως και των προθέσεων των ενεχομένων εις αυτήν προσώπων, οίτινες δεν εδίστασαν να μεταχειρισθώσι παν μέσον προς επίτευξιν του σκοπού των. τον Ψαρρά και τον Σκλίβ, ώς εκ των προτέρων απεδείχθη, και η κυρία Βέμβα ότι δεν είχεν ιδέαν της πλεκτάνης, ενώ ο Αναργύρου επί μακρόν χρόνον συνεδέετο μετά του Ψαρρά δια της αλληλογραφίας αυτής, ής το περιεχόμενον παρέχει πλήρη εικόνα της υποθέσεως και των προθέσεων των ενεχομένων εις αυτήν προσώπων, οίτινες δεν εδίστασαν να
Π. Ψαρράς.
τον Ψαρρά και τον Σκλίβ, ώς εκ των προτέρων απεδείχθη, και η κυρία Βέμβα ότι δεν είχεν ιδέαν της πλεκτάνης, ενώ ο Αναργύρου επί μακρόν χρόνον συνεδέετο μετά του Ψαρρά δια της αλληλογραφίας αυτής, ής το περιεχόμενον παρέχει πλήρη εικόνα της υποθέσεως και των προθέσεων των ενεχομένων εις αυτήν προσώπων, οίτινες δεν εδίστασαν να μεταχειρισθώσι παν μέσον προς επίτευξιν του σκοπού των. τον Ψαρρά και τον Σκλίβ, ώς εκ των προτέρων απεδείχθη, και η κυρία Βέμβα ότι δεν είχεν ιδέαν της πλεκτάνης, ενώ ο Αναργύρου επί μακρόν χρόνον συνεδέετο μετά του Ψαρρά δια της αλληλογραφίας αυτής, ής το περιεχόμενον παρέχει πλήρη εικόνα της υποθέσεως και των προθέσεων των ενεχομένων εις αυτήν προσώπων, οίτινες δεν εδίστασαν να μεταχειρισθώσι παν μέσον προς επίτευξιν του σκοπού των. τον Ψαρρά και τον Σκλίβ, ώς εκ των προτέρων απεδείχθη, και η κυρία Βέμβα ότι δεν είχεν ιδέαν της πλεκτάνης,
Μετά την αλληλογραφίαν
τον Ψαρρά και τον Σκλίβ, ώς εκ των προτέρων απεδείχθη, και η κυρία Βέμβα ότι δεν είχεν ιδέαν της πλεκτάνης, ενώ ο Αναργύρου επί μακρόν χρόνον συνεδέετο μετά του Ψαρρά δια της αλληλογραφίας αυτής, ής το περιεχόμενον παρέχει πλήρη εικόνα της υποθέσεως και των προθέσεων των ενεχομένων εις αυτήν προσώπων, οίτινες δεν εδίστασαν να μεταχειρισθώσι παν μέσον προς επίτευξιν του σκοπού των. τον Ψαρρά και τον Σκλίβ, ώς εκ των προτέρων απεδείχθη, και η κυρία Βέμβα ότι δεν είχεν ιδέαν της πλεκτάνης, ενώ ο Αναργύρου επί μακρόν χρόνον συνεδέετο μετά του Ψαρρά δια της αλληλογραφίας αυτής, ής το περιεχόμενον παρέχει πλήρη εικόνα της υποθέσεως και των προθέσεων των ενεχομένων εις αυτήν προσώπων, οίτινες δεν εδίστασαν να μεταχειρισθώσι παν μέσον προς επίτευξιν του σκοπού των. τον Ψαρρά και τον Σκλίβ, ώς εκ των προτέρων απεδείχθη, και η κυρία Βέμβα ότι δεν είχεν ιδέαν της πλεκτάνης, ενώ ο Αναργύρου επί μακρόν χρόνον συνεδέετο μετά του Ψαρρά δια της αλληλογραφίας αυτής, ής το περιεχόμενον παρέχει πλήρη εικόνα της υποθέσεως και των προθέσεων των ενεχομένων εις αυτήν προσώπων, οίτινες δεν εδίστασαν να μεταχειρισθώσι παν μέσον προς επίτευξιν του σκοπού των. τον Ψαρρά και τον Σκλίβ, ώς εκ των προτέρων απεδείχθη, και η κυρία Βέμβα ότι δεν είχεν ιδέαν της πλεκτάνης, ενώ ο Αναργύρου επί μακρόν χρόνον συνεδέετο μετά του Ψαρρά δια της αλληλογραφίας αυτής, ής το περιεχόμενον παρέχει πλήρη εικόνα της υποθέσεως και των προθέσεων των ενεχομένων εις αυτήν προσώπων, οίτινες δεν εδίστασαν να μεταχειρισθώσι παν μέσον προς επίτευξιν του σκοπού των. τον Ψαρρά και τον Σκλίβ, ώς εκ των προτέρων απεδείχθη, και η κυρία Βέμβα ότι δεν είχεν ιδέαν της πλεκτάνης, ενώ ο Αναργύρου επί μακρόν χρόνον συνεδέετο μετά του Ψαρρά δια της αλληλογραφίας αυτής, ής το περιεχόμενον παρέχει πλήρη εικόνα της υποθέσεως και των προθέσεων των ενεχομένων εις αυτήν προσώπων, οίτινες δεν εδίστασαν να μεταχειρισθώσι παν μέσον προς επίτευξιν του σκοπού των. τον Ψαρρά και τον Σκλίβ, ώς εκ των προτέρων απεδείχθη,
Π. Ψαρράς
Άπό συμφώνου πρακτικά του Άναργύρου μετά των συμπαίκτων
τον Ψαρρά και τον Σκλίβ, ώς εκ των προτέρων απεδείχθη, και η κυρία Βέμβα ότι δεν είχεν ιδέαν της πλεκτάνης, ενώ ο Αναργύρου επί μακρόν χρόνον συνεδέετο μετά του Ψαρρά δια της αλληλογραφίας αυτής, ής το περιεχόμενον παρέχει πλήρη εικόνα της υποθέσεως και των προθέσεων των ενεχομένων εις αυτήν προσώπων, οίτινες δεν εδίστασαν να μεταχειρισθώσι παν μέσον προς επίτευξιν του σκοπού των. τον Ψαρρά και τον Σκλίβ, ώς εκ των προτέρων απεδείχθη, και η κυρία Βέμβα ότι δεν είχεν ιδέαν της πλεκτάνης, ενώ ο Αναργύρου επί μακρόν χρόνον συνεδέετο μετά του Ψαρρά δια της αλληλογραφίας αυτής, ής το περιεχόμενον παρέχει πλήρη εικόνα της υποθέσεως και των προθέσεων των ενεχομένων εις αυτήν προσώπων, οίτινες δεν εδίστασαν να μεταχειρισθώσι παν μέσον προς επίτευξιν του σκοπού των. τον Ψαρρά και τον Σκλίβ, ώς εκ των προτέρων απεδείχθη, και η κυρία Βέμβα ότι δεν είχεν ιδέαν της πλεκτάνης, ενώ ο Αναργύρου επί μακρόν χρόνον συνεδέετο μετά του Ψαρρά δια της αλληλογραφίας αυτής, ής το περιεχόμενον παρέχει πλήρη εικόνα της υποθέσεως και των προθέσεων των ενεχομένων εις αυτήν προσώπων, οίτινες δεν εδίστασαν να μεταχειρισθώσι παν μέσον προς επίτευξιν του σκοπού των. τον Ψαρρά και τον Σκλίβ, ώς εκ των προτέρων απεδείχθη, και η κυρία Βέμβα ότι δεν είχεν ιδέαν της πλεκτάνης, ενώ ο Αναργύρου επί μακρόν χρόνον συνεδέετο μετά του Ψαρρά δια της αλληλογραφίας αυτής, ής το περιεχόμενον παρέχει πλήρη εικόνα της υποθέσεως και των προθέσεων των ενεχομένων εις αυτήν προσώπων, οίτινες δεν εδίστασαν να μεταχειρισθώσι παν μέσον προς επίτευξιν του σκοπού των. τον Ψαρρά και τον Σκλίβ, ώς εκ των προτέρων απεδείχθη, και η κυρία Βέμβα ότι δεν είχεν ιδέαν της πλεκτάνης, ενώ ο Αναργύρου επί μακρόν χρόνον συνεδέετο μετά του Ψαρρά δια της αλληλογραφίας αυτής, ής το περιεχόμενον παρέχει πλήρη εικόνα της υποθέσεως και των προθέσεων των ενεχομένων εις αυτήν προσώπων, οίτινες δεν εδίστασαν να μεταχειρισθώσι παν μέσον προς επίτευξιν του σκοπού των. τον Ψαρρά και τον Σκλίβ, ώς εκ των προτέρων απεδείχθη, και η κυρία Βέμβα ότι δεν είχεν ιδέαν της πλεκτάνης, ενώ ο Αναργύρου επί μακρόν χρόνον συνεδέετο μετά του Ψαρρά δια της αλληλογραφίας αυτής, ής το περιεχόμενον παρέχει πλήρη εικόνα της υποθέσεως και των προθέσεων των ενεχομένων εις αυτήν προσώπων, οίτινες δεν εδίστασαν να μεταχειρισθώσι παν μέσον προς επίτευξιν του σκοπού των. τον Ψαρρά και τον Σκλίβ, ώς εκ των προτέρων απεδείχθη, και η κυρία Βέμβα ότι δεν είχεν ιδέαν της πλεκτάνης, ενώ ο Αναργύρου επί μακρόν χρόνον συνεδέετο μετά του Ψαρρά δια της αλληλογραφίας αυτής, ής το περιεχόμενον παρέχει πλήρη εικόνα της υποθέσεως και των προθέσεων των ενεχομένων εις αυτήν προσώπων, οίτινες δεν εδίστασαν να μεταχειρισθώσι παν μέσον προς επίτευξιν του σκοπού των. τον Ψαρρά και τον Σκλίβ, ώς
τον Ψαρρά και τον Σκλίβ, ώς εκ των προτέρων απεδείχθη, και η κυρία Βέμβα ότι δεν είχεν ιδέαν της πλεκτάνης, ενώ ο Αναργύρου επί μακρόν χρόνον συνεδέετο μετά του Ψαρρά δια της αλληλογραφίας αυτής, ής το περιεχόμενον παρέχει πλήρη εικόνα της υποθέσεως και των προθέσεων των ενεχομένων εις αυτήν προσώπων, οίτινες δεν εδίστασαν να μεταχειρισθώσι παν μέσον προς επίτευξιν του σκοπού των. τον Ψαρρά και τον Σκλίβ, ώς εκ των προτέρων απεδείχθη, και η κυρία Βέμβα ότι δεν είχεν ιδέαν της πλεκτάνης, ενώ ο Αναργύρου επί μακρόν χρόνον συνεδέετο μετά του Ψαρρά δια της αλληλογραφίας αυτής, ής το περιεχόμενον παρέχει πλήρη εικόνα της υποθέσεως και των προθέσεων των ενεχομένων εις αυτήν προσώπων, οίτινες δεν εδίστασαν να μεταχειρισθώσι παν μέσον προς επίτευξιν του σκοπού των. τον Ψαρρά και τον Σκλίβ, ώς εκ των προτέρων απεδείχθη, και η κυρία Βέμβα ότι δεν είχεν ιδέαν της πλεκτάνης, ενώ ο Αναργύρου επί μακρόν χρόνον συνεδέετο μετά του Ψαρρά δια της αλληλογραφίας αυτής, ής το περιεχόμενον παρέχει πλήρη εικόνα της υποθέσεως και των προθέσεων των ενεχομένων εις αυτήν προσώπων, οίτινες δεν εδίστασαν να μεταχειρισθώσι παν μέσον προς επίτευξιν του σκοπού των. τον Ψαρρά και τον Σκλίβ, ώς εκ των προτέρων απεδείχθη, και η κυρία Βέμβα ότι δεν είχεν ιδέαν της πλεκτάνης, ενώ ο Αναργύρου επί μακρόν χρόνον συνεδέετο μετά του Ψαρρά δια της αλληλογραφίας αυτής, ής το περιεχόμενον παρέχει πλήρη εικόνα της υποθέσεως και των προθέσεων των ενεχομένων εις αυτήν προσώπων, οίτινες δεν εδίστασαν να μεταχειρισθώσι παν μέσον προς επίτευξιν του σκοπού των. τον Ψαρρά και τον Σκλίβ, ώς εκ των προτέρων απεδείχθη, και η κυρία Βέμβα ότι δεν είχεν ιδέαν της πλεκτάνης, ενώ ο Αναργύρου επί μακρόν χρόνον συνεδέετο μετά του Ψαρρά δια της αλληλογραφίας αυτής, ής το περιεχόμενον παρέχει πλήρη εικόνα της υποθέσεως και των προθέσεων των ενεχομένων εις αυτήν προσώπων, οίτινες δεν εδίστασαν να μεταχειρισθώσι παν μέσον προς επίτευξιν του σκοπού των. τον Ψαρρά και τον Σκλίβ, ώς εκ των προτέρων απεδείχθη,
(Έπεται συνέχεια)
Ο έκ Πειραιώς
ΙΑΤΡΟΣ κ. Ν. ΜΕΤΑΞΑΣ
Έν Άθήναις
Πρός τους θαμιστάς των λουτρών και λοιπούς χρονίους.
ΘΕΡΑΠΕΙΑΙ ΑΝΙΑΤΩΝ
τον Ψαρρά και τον Σκλίβ, ώς εκ των προτέρων απεδείχθη, και η κυρία Βέμβα ότι δεν είχεν ιδέαν της πλεκτάνης, ενώ ο Αναργύρου επί μακρόν χρόνον συνεδέετο μετά του Ψαρρά δια της αλληλογραφίας αυτής, ής το περιεχόμενον παρέχει πλήρη εικόνα της υποθέσεως και των προθέσεων των ενεχομένων εις αυτήν προσώπων, οίτινες δεν εδίστασαν να μεταχειρισθώσι παν μέσον προς επίτευξιν του σκοπού των. τον Ψαρρά και τον Σκλίβ, ώς εκ των προτέρων απεδείχθη, και η κυρία Βέμβα ότι δεν είχεν ιδέαν της πλεκτάνης, ενώ ο Αναργύρου επί μακρόν χρόνον συνεδέετο μετά του Ψαρρά δια της αλληλογραφίας αυτής, ής το περιεχόμενον παρέχει πλήρη εικόνα της υποθέσεως και των προθέσεων των ενεχομένων εις αυτήν προσώπων, οίτινες δεν εδίστασαν να μεταχειρισθώσι παν μέσον προς επίτευξιν του σκοπού των. τον Ψαρρά και τον Σκλίβ, ώς εκ των προτέρων απεδείχθη, και η κυρία Βέμβα ότι δεν είχεν ιδέαν της πλεκτάνης, ενώ ο Αναργύρου επί μακρόν χρόνον συνεδέετο μετά του Ψαρρά δια της αλληλογραφίας αυτής, ής το περιεχόμενον παρέχει πλήρη εικόνα της υποθέσεως και των προθέσεων των ενεχομένων εις αυτήν προσώπων, οίτινες δεν εδίστασαν να μεταχειρισθώσι παν μέσον προς επίτευξιν του σκοπού των. τον Ψαρρά και τον Σκλίβ, ώς εκ των προτέρων απεδείχθη, και η κυρία Βέμβα ότι δεν είχεν ιδέαν της πλεκτάνης, ενώ ο Αναργύρου επί μακρόν χρόνον συνεδέετο μετά του Ψαρρά δια της αλληλογραφίας αυτής, ής το περιεχόμενον παρέχει πλήρη εικόνα της υποθέσεως και των προθέσεων των ενεχομένων εις αυτήν προσώπων, οίτινες δεν εδίστασαν να μεταχειρισθώσι παν μέσον προς επίτευξιν του σκοπού των. τον Ψαρρά και τον Σκλίβ, ώς εκ των προτέρων απεδείχθη, και η κυρία Βέμβα ότι δεν είχεν ιδέαν της πλεκτάνης, ενώ ο Αναργύρου επί μακρόν χρόνον συνεδέετο μετά του Ψαρρά δια της αλληλογραφίας αυτής, ής το περιεχόμενον παρέχει πλήρη εικόνα της υποθέσεως και των προθέσεων των ενεχομένων εις αυτήν προσώπων, οίτινες δεν εδίστασαν να μεταχειρισθώσι παν μέσον προς επίτευξιν του σκοπού των. τον Ψαρρά και τον Σκλίβ, ώς εκ των προτέρων απεδείχθη, και η κυρία Βέμβα ότι δεν είχεν ιδέαν της πλεκτάνης, ενώ ο Αναργύρου επί μακρόν χρόνον
◊◊◊◊◊◊◊◊◊◊◊◊◊◊◊
ΕΙΔΙΚΟΝ
ΣΥΦΙΛΙΔΙΑΤΡΕΙΟΝ
ΙΑΤΡΟΥ
Κ. Ν. ΦΟΡΤΟΥΝΑ
Άπό δεκαετίας ειδικώς λειτουργούν
τον Ψαρρά και τον Σκλίβ, ώς εκ των προτέρων απεδείχθη, και η κυρία Βέμβα ότι δεν είχεν ιδέαν της πλεκτάνης, ενώ ο Αναργύρου επί μακρόν χρόνον συνεδέετο μετά του Ψαρρά δια της αλληλογραφίας αυτής, ής το περιεχόμενον παρέχει πλήρη εικόνα της υποθέσεως και των προθέσεων των ενεχομένων εις αυτήν προσώπων, οίτινες δεν εδίστασαν να μεταχειρισθώσι παν μέσον προς επίτευξιν του σκοπού των. τον Ψαρρά και τον Σκλίβ, ώς εκ των προτέρων απεδείχθη, και η κυρία Βέμβα ότι δεν είχεν ιδέαν της πλεκτάνης, ενώ ο Αναργύρου επί μακρόν χρόνον συνεδέετο μετά του Ψαρρά δια της αλληλογραφίας αυτής, ής το περιεχόμενον παρέχει πλήρη εικόνα της υποθέσεως και των προθέσεων των ενεχομένων εις αυτήν προσώπων,
ΝΟΣΗΜΑΤΑ
των γυναικών και του δέρματος.
10—ΟΔΟΣ ΕΥΡΙΠΙΔΟΥ—10
(Παρά τους Άγίους Θεοδώρους)
◊◊◊◊◊◊◊◊◊◊◊◊◊◊◊
ΚΗΔΕΙΑ
Τήν περιπλημένην μας
ΕΡΙΝΟΥΛΑΝ Σ. ΔΑΣΚΑΛΑΚΗ
τον Ψαρρά και τον Σκλίβ, ώς εκ των προτέρων απεδείχθη, και η κυρία Βέμβα ότι δεν είχεν ιδέαν της πλεκτάνης, ενώ ο Αναργύρου επί μακρόν χρόνον συνεδέετο μετά του Ψαρρά δια της
Έν Άθήναις τη 20 Ιουνίου 1905
Ο σύζυγος Σπυρίδων Γ. Δασκαλάκης
Ο υφηγητής της Συφιλιδολογίας εν τω Έθνικώ Πανεπιστημίω.
Ι. Σ. ΦΑΡΑΝΤΑΤΟΣ
Δέχεται εν τη Κλινική του, οδός Αιόλου—Άγίου Μάρκου 29
Βλεννόρροιαν, Συφιλίδα, Νοσήματα του δέρματος
9—11 π. μ. και 4—6 μ.μ.
Ο ιατρός κ.
ΣΩΤΗΡΙΟΣ ΑΝΤΩΝΙΑΔΗΣ
διδάκτωρ της Βιεννέζικης σχολής αποκατεστάθη οριστικώς εν Άθήναις.
τον Ψαρρά και τον Σκλίβ, ώς εκ των προτέρων απεδείχθη, και η κυρία Βέμβα ότι δεν είχεν ιδέαν της πλεκτάνης, ενώ ο Αναργύρου επί μακρόν χρόνον συνεδέετο μετά του Ψαρρά δια της αλληλογραφίας αυτής, ής το περιεχόμενον παρέχει πλήρη εικόνα
Το άρτιώτερον εν Άθήναις συφιλιδικόν και γυναικολογικόν
ΙΑΤΡΕΙΟΝ
Κείται επί της οδού Θεάτρου αρ. 2 άπέναντι του Βαρβακείου
ΑΡΙΣΤΕΙΔΗΣ Β. ΠΑΝΑΣ
τον Ψαρρά και τον Σκλίβ, ώς εκ των προτέρων απεδείχθη, και η κυρία Βέμβα ότι δεν είχεν ιδέαν της πλεκτάνης, ενώ ο Αναργύρου επί μακρόν χρόνον συνεδέετο μετά του Ψαρρά δια της
Δέχεται όλην την ημέραν 8—12 π. μ.
Ε. ΓΙΑΝΝΟΥΛΗΣ
ΙΑΤΡΟΣ
Διδάκτωρ της εν Βιέννη Ιατρικής Σχολής
τον Ψαρρά και τον Σκλίβ, ώς εκ των προτέρων απεδείχθη, και η κυρία Βέμβα ότι δεν
Δέχεται οδός Πειραιώς 25 : ώρα 9—11 π. μ. και 3—5 μ. μ.
ΜΕΓΑΛΗ ΠΑΡΑΚΑΤΑΘΗΚΗ
ΑΝΘΡΑΚΟΒΕΣΤΙΟΥ ΚΑΙ ΕΙΔΩΝ ΑΣΤΕΥΛΙΚΗΝ
Παρά τω Α. Ν. Τζώνη Σταδίου αρ. 66
τον Ψαρρά και τον Σκλίβ, ώς εκ των προτέρων απεδείχθη, και η κυρία Βέμβα ότι δεν είχεν ιδέαν της πλεκτάνης, ενώ ο Αναργύρου επί μακρόν χρόνον συνεδέετο μετά του Ψαρρά δια της αλληλογραφίας αυτής, ής το περιεχόμενον παρέχει πλήρη εικόνα
ΑΔΕΛΦΙΚΗ ΕΤΑΙΡΙΑ
Ο «ΑΥΣΤΡΙΑΚΟΣ ΦΟΙΝΙΞ» ΒΙΕΝΝΗΣ
τον Ψαρρά και τον Σκλίβ, ώς εκ των προτέρων απεδείχθη, και η κυρία Βέμβα ότι δεν είχεν ιδέαν της πλεκτάνης, ενώ ο Αναργύρου επί μακρόν χρόνον συνεδέετο μετά του Ψαρρά δια της
Ζητούνται αντιπρόσωποι εις τας επαρχίας.
ΜΙΧ. Ν. ΚΑΙΡΗΣ
ΙΑΤΡΟΣ
Δέχεται καθ' εκάστην 3—6 μ.μ. 10 οδός Μασσαλίας 10.
ΔΙΑ ΤΟΥΣ κ. κ. ΜΕΛΙΣΣΟΚΟΜΟΥΣ
Εις το γραφείον του κ. Στεφάνου Μπολάλου οδός Κρατίνου αρ. 9 (μεταξύ της πλατείας Δημ. Θεάτρου) ευρίσκονται πωλούμενα άπαντα τα είδη της μελισσοκομίας.
τον Ψαρρά και τον Σκλίβ, ώς εκ των προτέρων απεδείχθη, και η κυρία Βέμβα ότι δεν είχεν ιδέαν της πλεκτάνης, ενώ ο Αναργύρου επί μακρόν χρόνον συνεδέετο μετά του Ψαρρά δια της αλληλογραφίας αυτής, ής το περιεχόμενον παρέχει πλήρη εικόνα της υποθέσεως και των προθέσεων των ενεχομένων εις αυτήν προσώπων, οίτινες δεν εδίστασαν να μεταχειρισθώσι παν μέσον προς επίτευξιν του σκοπού των. τον Ψαρρά
